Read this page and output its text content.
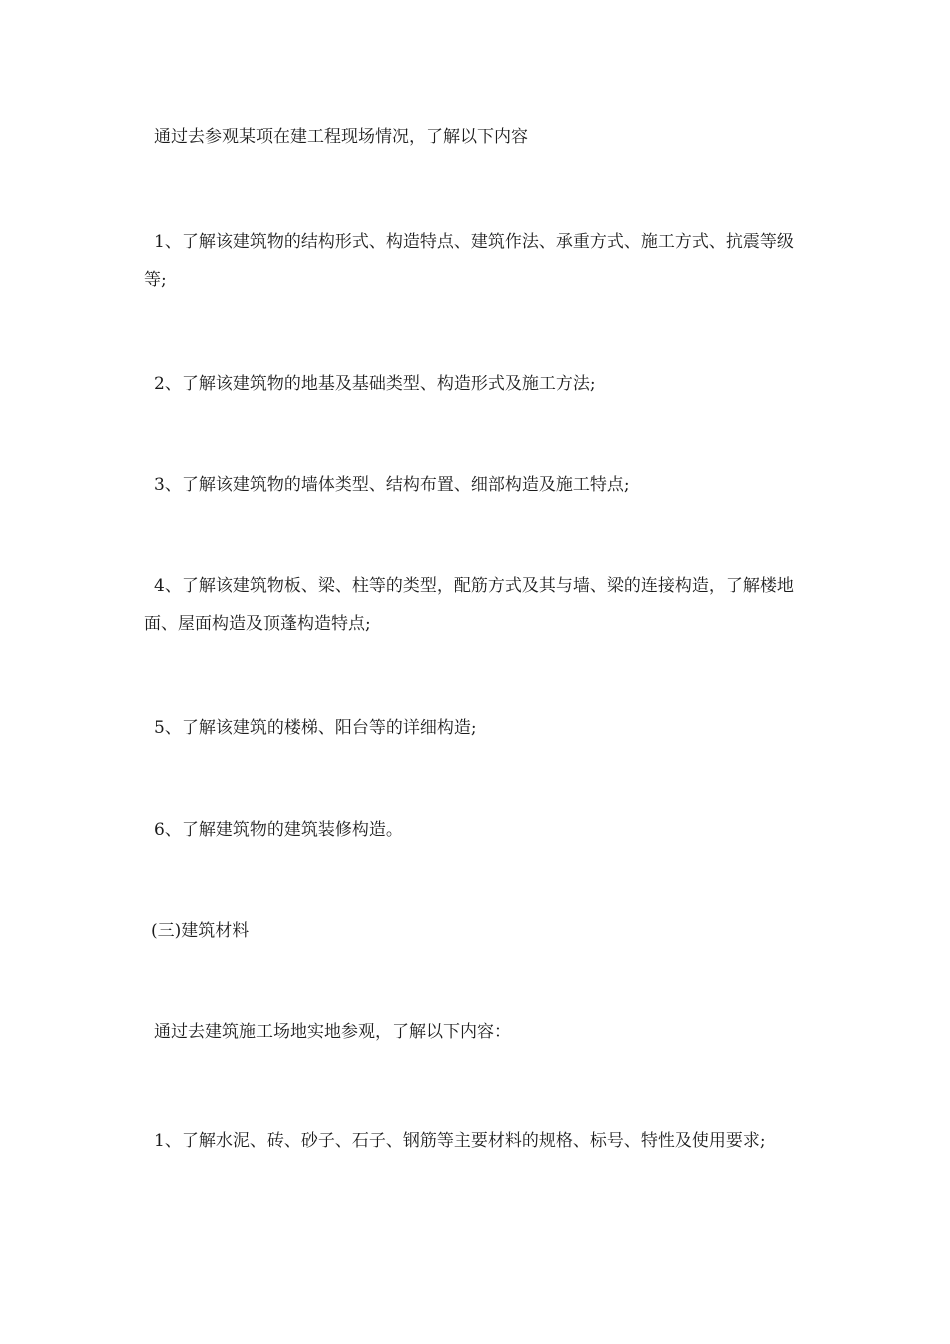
通过去参观某项在建工程现场情况，了解以下内容

1、了解该建筑物的结构形式、构造特点、建筑作法、承重方式、施工方式、抗震等级等;

2、了解该建筑物的地基及基础类型、构造形式及施工方法;

3、了解该建筑物的墙体类型、结构布置、细部构造及施工特点;

4、了解该建筑物板、梁、柱等的类型，配筋方式及其与墙、梁的连接构造，了解楼地面、屋面构造及顶蓬构造特点;

5、了解该建筑的楼梯、阳台等的详细构造;

6、了解建筑物的建筑装修构造。

(三)建筑材料

通过去建筑施工场地实地参观，了解以下内容：

1、了解水泥、砖、砂子、石子、钢筋等主要材料的规格、标号、特性及使用要求;
